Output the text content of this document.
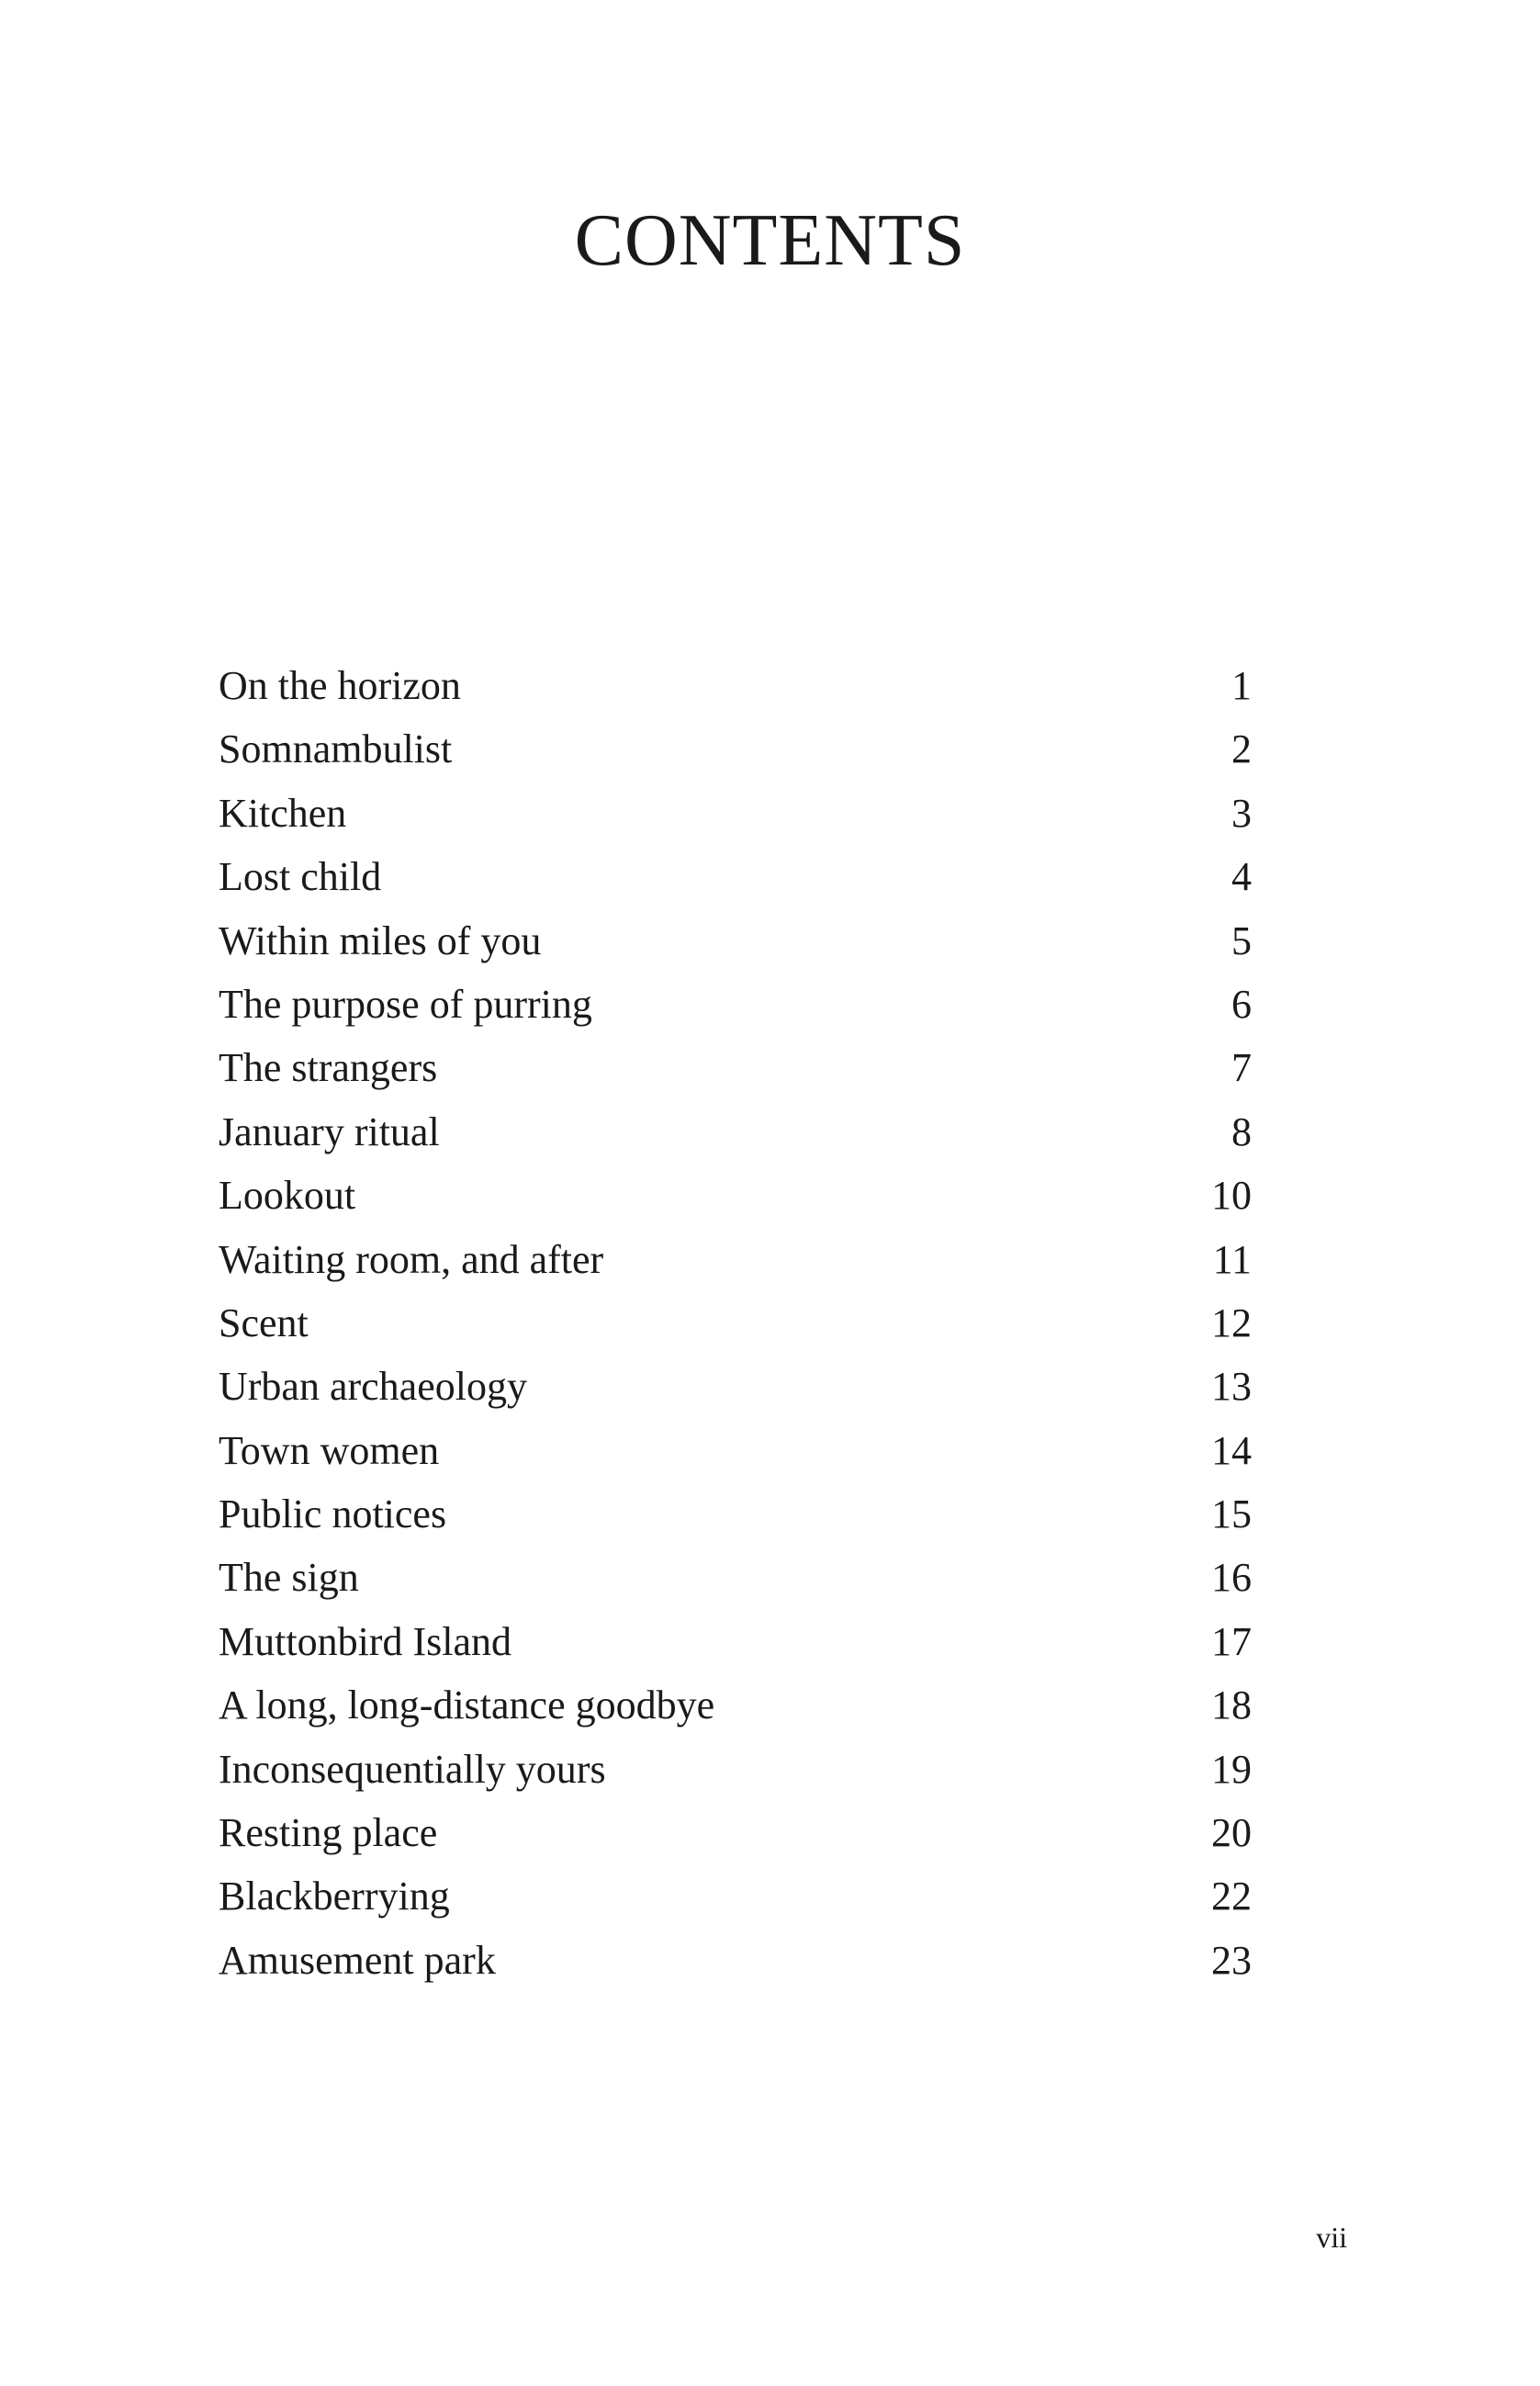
CONTENTS
On the horizon	1
Somnambulist	2
Kitchen	3
Lost child	4
Within miles of you	5
The purpose of purring	6
The strangers	7
January ritual	8
Lookout	10
Waiting room, and after	11
Scent	12
Urban archaeology	13
Town women	14
Public notices	15
The sign	16
Muttonbird Island	17
A long, long-distance goodbye	18
Inconsequentially yours	19
Resting place	20
Blackberrying	22
Amusement park	23
vii
